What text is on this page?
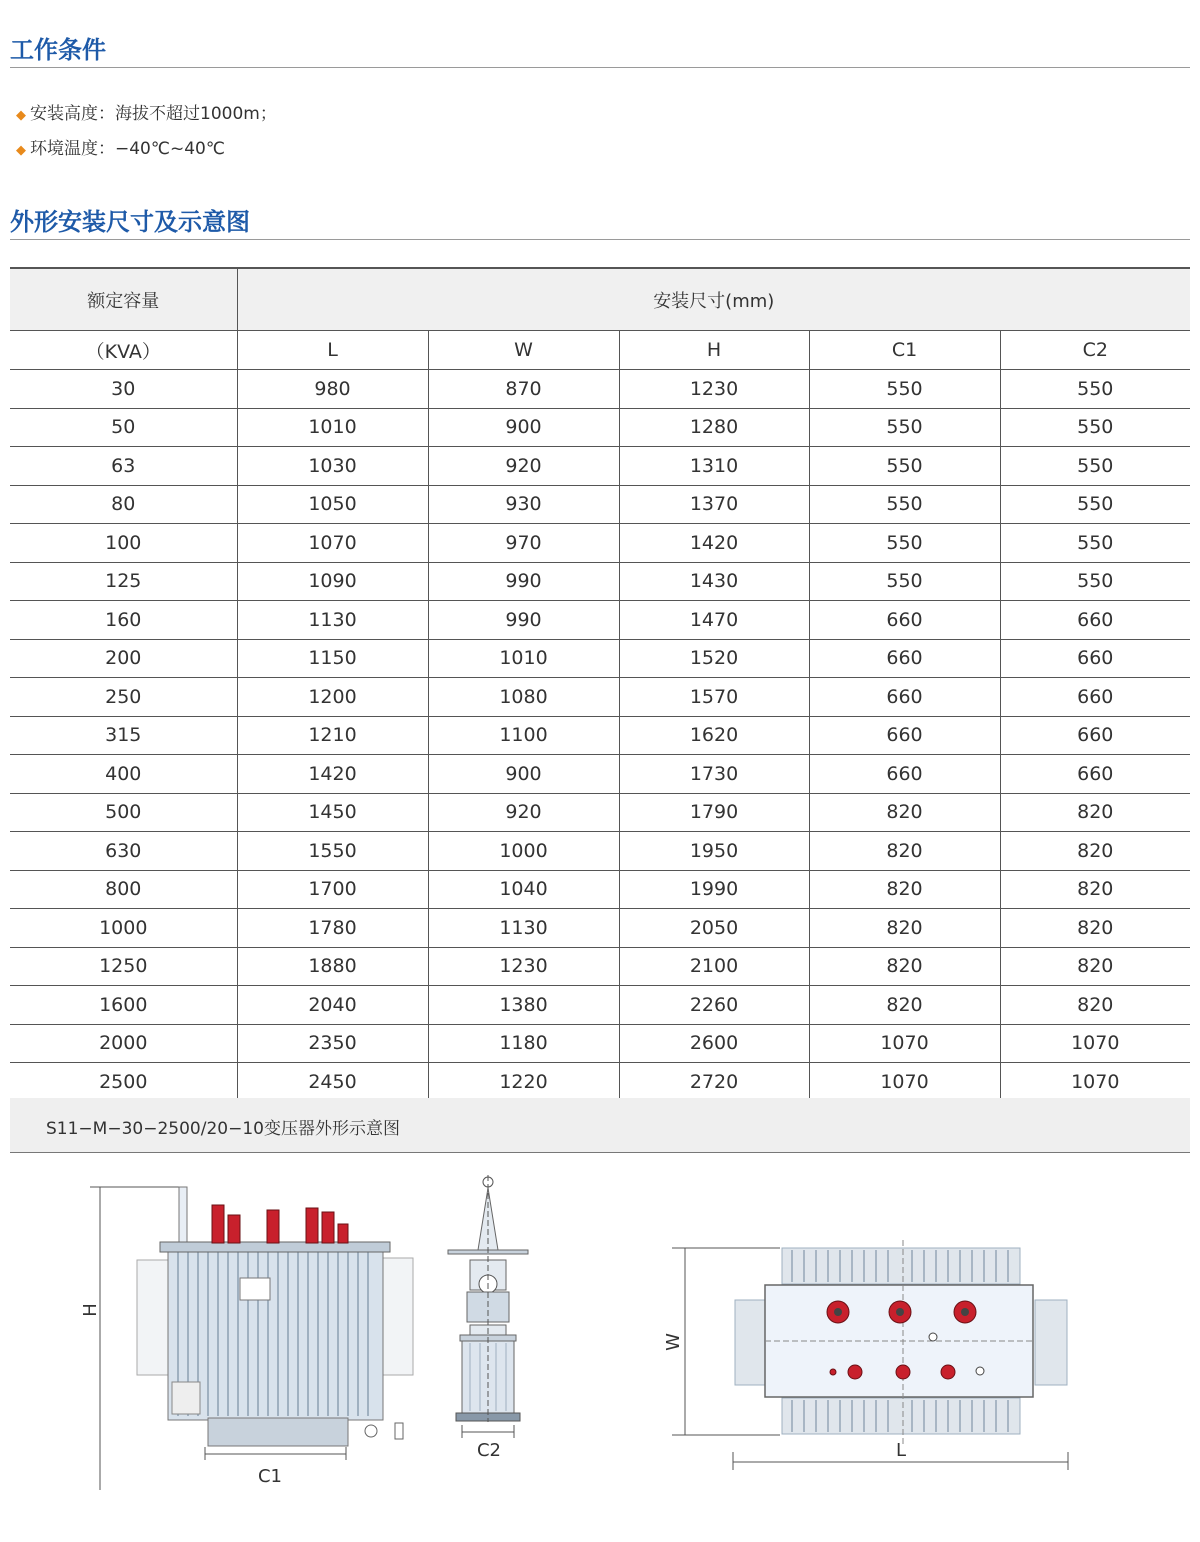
工作条件
◆ 安装高度：海拔不超过1000m；
◆ 环境温度：−40℃~40℃
外形安装尺寸及示意图
额定容量	安装尺寸(mm)				
（KVA）	L	W	H	C1	C2
30	980	870	1230	550	550
50	1010	900	1280	550	550
63	1030	920	1310	550	550
80	1050	930	1370	550	550
100	1070	970	1420	550	550
125	1090	990	1430	550	550
160	1130	990	1470	660	660
200	1150	1010	1520	660	660
250	1200	1080	1570	660	660
315	1210	1100	1620	660	660
400	1420	900	1730	660	660
500	1450	920	1790	820	820
630	1550	1000	1950	820	820
800	1700	1040	1990	820	820
1000	1780	1130	2050	820	820
1250	1880	1230	2100	820	820
1600	2040	1380	2260	820	820
2000	2350	1180	2600	1070	1070
2500	2450	1220	2720	1070	1070
S11−M−30−2500/20−10变压器外形示意图
H
C1
C2
W
L
